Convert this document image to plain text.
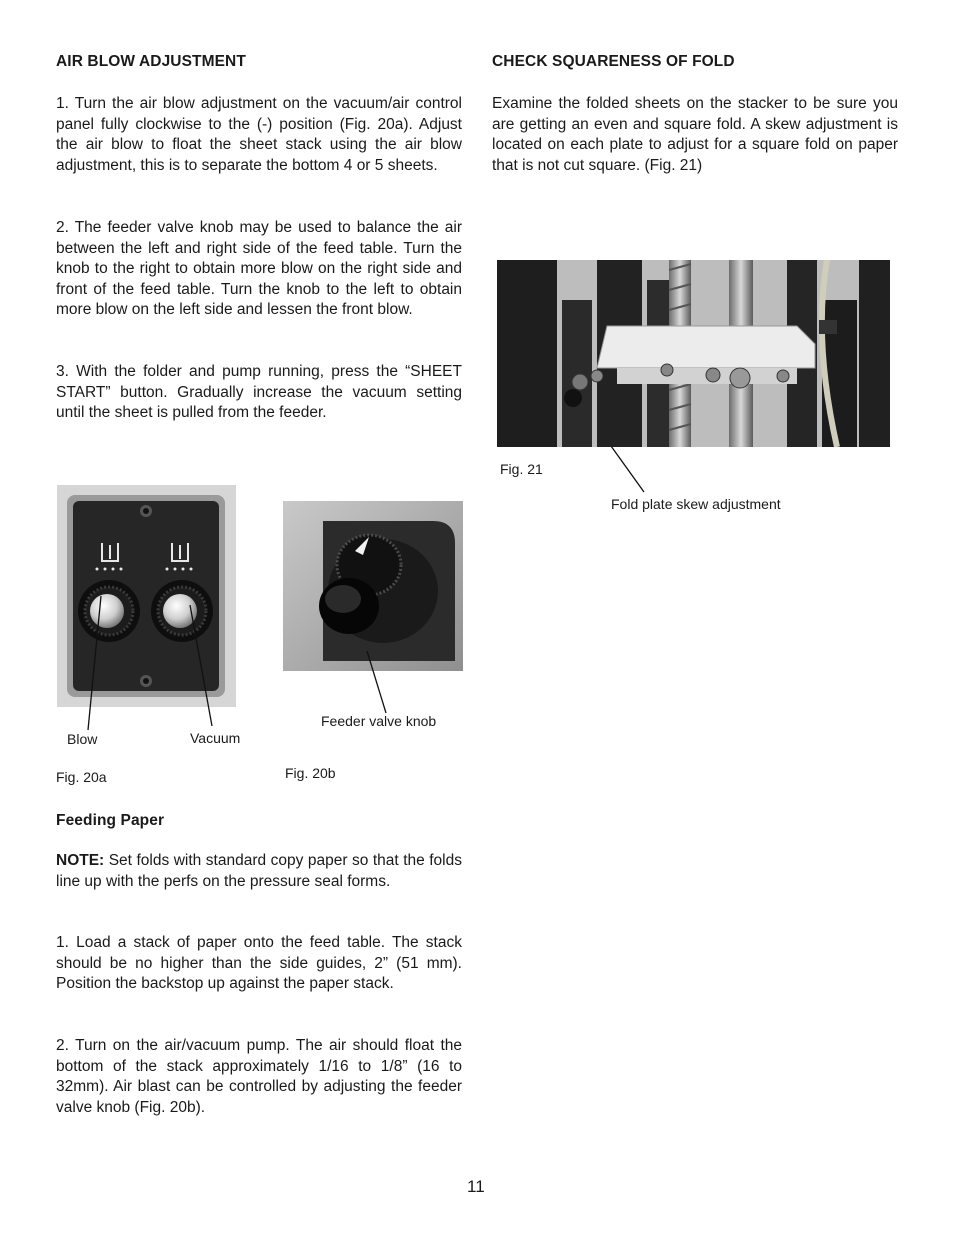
AIR BLOW ADJUSTMENT

1. Turn the air blow adjustment on the vacuum/air control panel fully clockwise to the (-) position (Fig. 20a). Adjust the air blow to float the sheet stack using the air blow adjustment, this is to separate the bottom 4 or 5 sheets.

2. The feeder valve knob may be used to balance the air between the left and right side of the feed table. Turn the knob to the right to obtain more blow on the right side and front of the feed table. Turn the knob to the left to obtain more blow on the left side and lessen the front blow.

3. With the folder and pump running, press the “SHEET START” button. Gradually increase the vacuum setting until the sheet is pulled from the feeder.

Blow	Vacuum
Fig. 20a
Feeder valve knob
Fig. 20b
Feeding Paper

NOTE: Set folds with standard copy paper so that the folds line up with the perfs on the pressure seal forms.

1. Load a stack of paper onto the feed table. The stack should be no higher than the side guides, 2” (51 mm). Position the backstop up against the paper stack.

2. Turn on the air/vacuum pump. The air should float the bottom of the stack approximately 1/16 to 1/8” (16 to 32mm). Air blast can be controlled by adjusting the feeder valve knob (Fig. 20b).

CHECK SQUARENESS OF FOLD

Examine the folded sheets on the stacker to be sure you are getting an even and square fold. A skew adjustment is located on each plate to adjust for a square fold on paper that is not cut square. (Fig. 21)

Fig. 21
Fold plate skew adjustment
11
